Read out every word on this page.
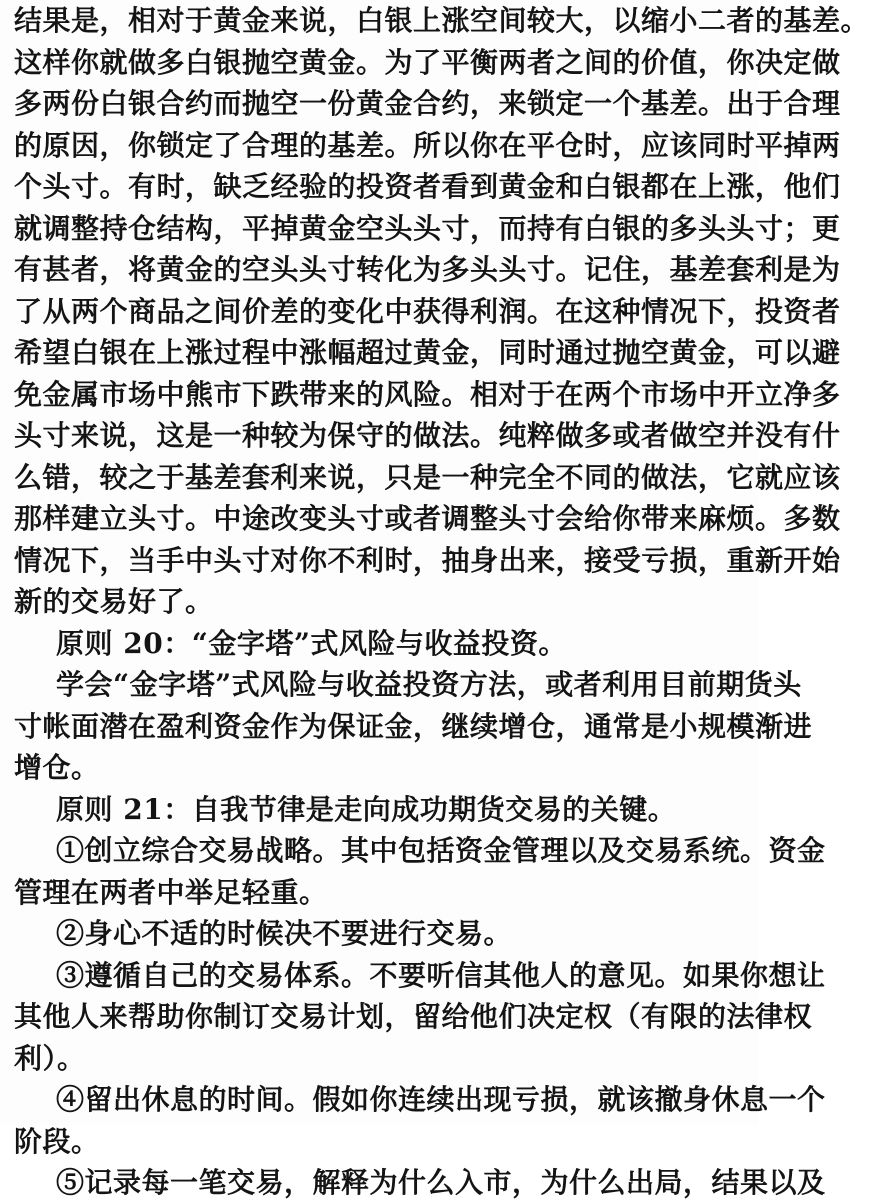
结果是，相对于黄金来说，白银上涨空间较大，以缩小二者的基差。
这样你就做多白银抛空黄金。为了平衡两者之间的价值，你决定做
多两份白银合约而抛空一份黄金合约，来锁定一个基差。出于合理
的原因，你锁定了合理的基差。所以你在平仓时，应该同时平掉两
个头寸。有时，缺乏经验的投资者看到黄金和白银都在上涨，他们
就调整持仓结构，平掉黄金空头头寸，而持有白银的多头头寸；更
有甚者，将黄金的空头头寸转化为多头头寸。记住，基差套利是为
了从两个商品之间价差的变化中获得利润。在这种情况下，投资者
希望白银在上涨过程中涨幅超过黄金，同时通过抛空黄金，可以避
免金属市场中熊市下跌带来的风险。相对于在两个市场中开立净多
头寸来说，这是一种较为保守的做法。纯粹做多或者做空并没有什
么错，较之于基差套利来说，只是一种完全不同的做法，它就应该
那样建立头寸。中途改变头寸或者调整头寸会给你带来麻烦。多数
情况下，当手中头寸对你不利时，抽身出来，接受亏损，重新开始
新的交易好了。
原则 20：“金字塔”式风险与收益投资。
学会“金字塔”式风险与收益投资方法，或者利用目前期货头
寸帐面潜在盈利资金作为保证金，继续增仓，通常是小规模渐进
增仓。
原则 21：自我节律是走向成功期货交易的关键。
①创立综合交易战略。其中包括资金管理以及交易系统。资金
管理在两者中举足轻重。
②身心不适的时候决不要进行交易。
③遵循自己的交易体系。不要听信其他人的意见。如果你想让
其他人来帮助你制订交易计划，留给他们决定权（有限的法律权
利）。
④留出休息的时间。假如你连续出现亏损，就该撤身休息一个
阶段。
⑤记录每一笔交易，解释为什么入市，为什么出局，结果以及
